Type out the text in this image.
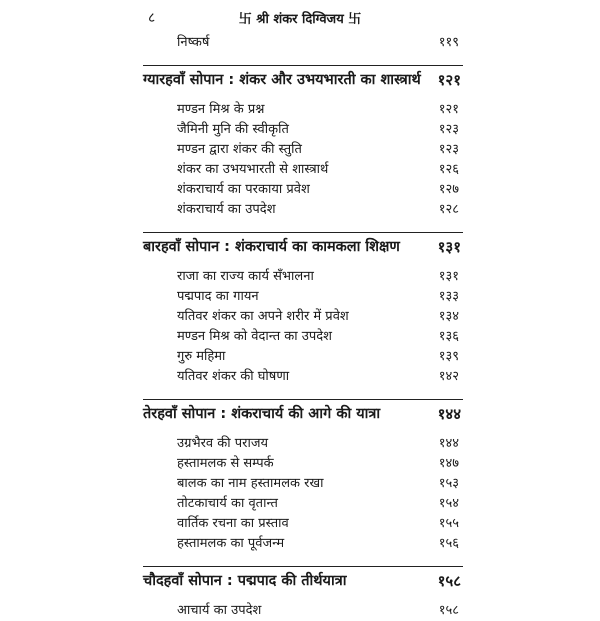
८	卐 श्री शंकर दिग्विजय 卐
निष्कर्ष	११९
ग्यारहवाँ सोपान : शंकर और उभयभारती का शास्त्रार्थ १२१
मण्डन मिश्र के प्रश्न	१२१
जैमिनी मुनि की स्वीकृति	१२३
मण्डन द्वारा शंकर की स्तुति	१२३
शंकर का उभयभारती से शास्त्रार्थ	१२६
शंकराचार्य का परकाया प्रवेश	१२७
शंकराचार्य का उपदेश	१२८
बारहवाँ सोपान : शंकराचार्य का कामकला शिक्षण	१३१
राजा का राज्य कार्य सँभालना	१३१
पद्मपाद का गायन	१३३
यतिवर शंकर का अपने शरीर में प्रवेश	१३४
मण्डन मिश्र को वेदान्त का उपदेश	१३६
गुरु महिमा	१३९
यतिवर शंकर की घोषणा	१४२
तेरहवाँ सोपान : शंकराचार्य की आगे की यात्रा	१४४
उग्रभैरव की पराजय	१४४
हस्तामलक से सम्पर्क	१४७
बालक का नाम हस्तामलक रखा	१५३
तोटकाचार्य का वृतान्त	१५४
वार्तिक रचना का प्रस्ताव	१५५
हस्तामलक का पूर्वजन्म	१५६
चौदहवाँ सोपान : पद्मपाद की तीर्थयात्रा	१५८
आचार्य का उपदेश	१५८
